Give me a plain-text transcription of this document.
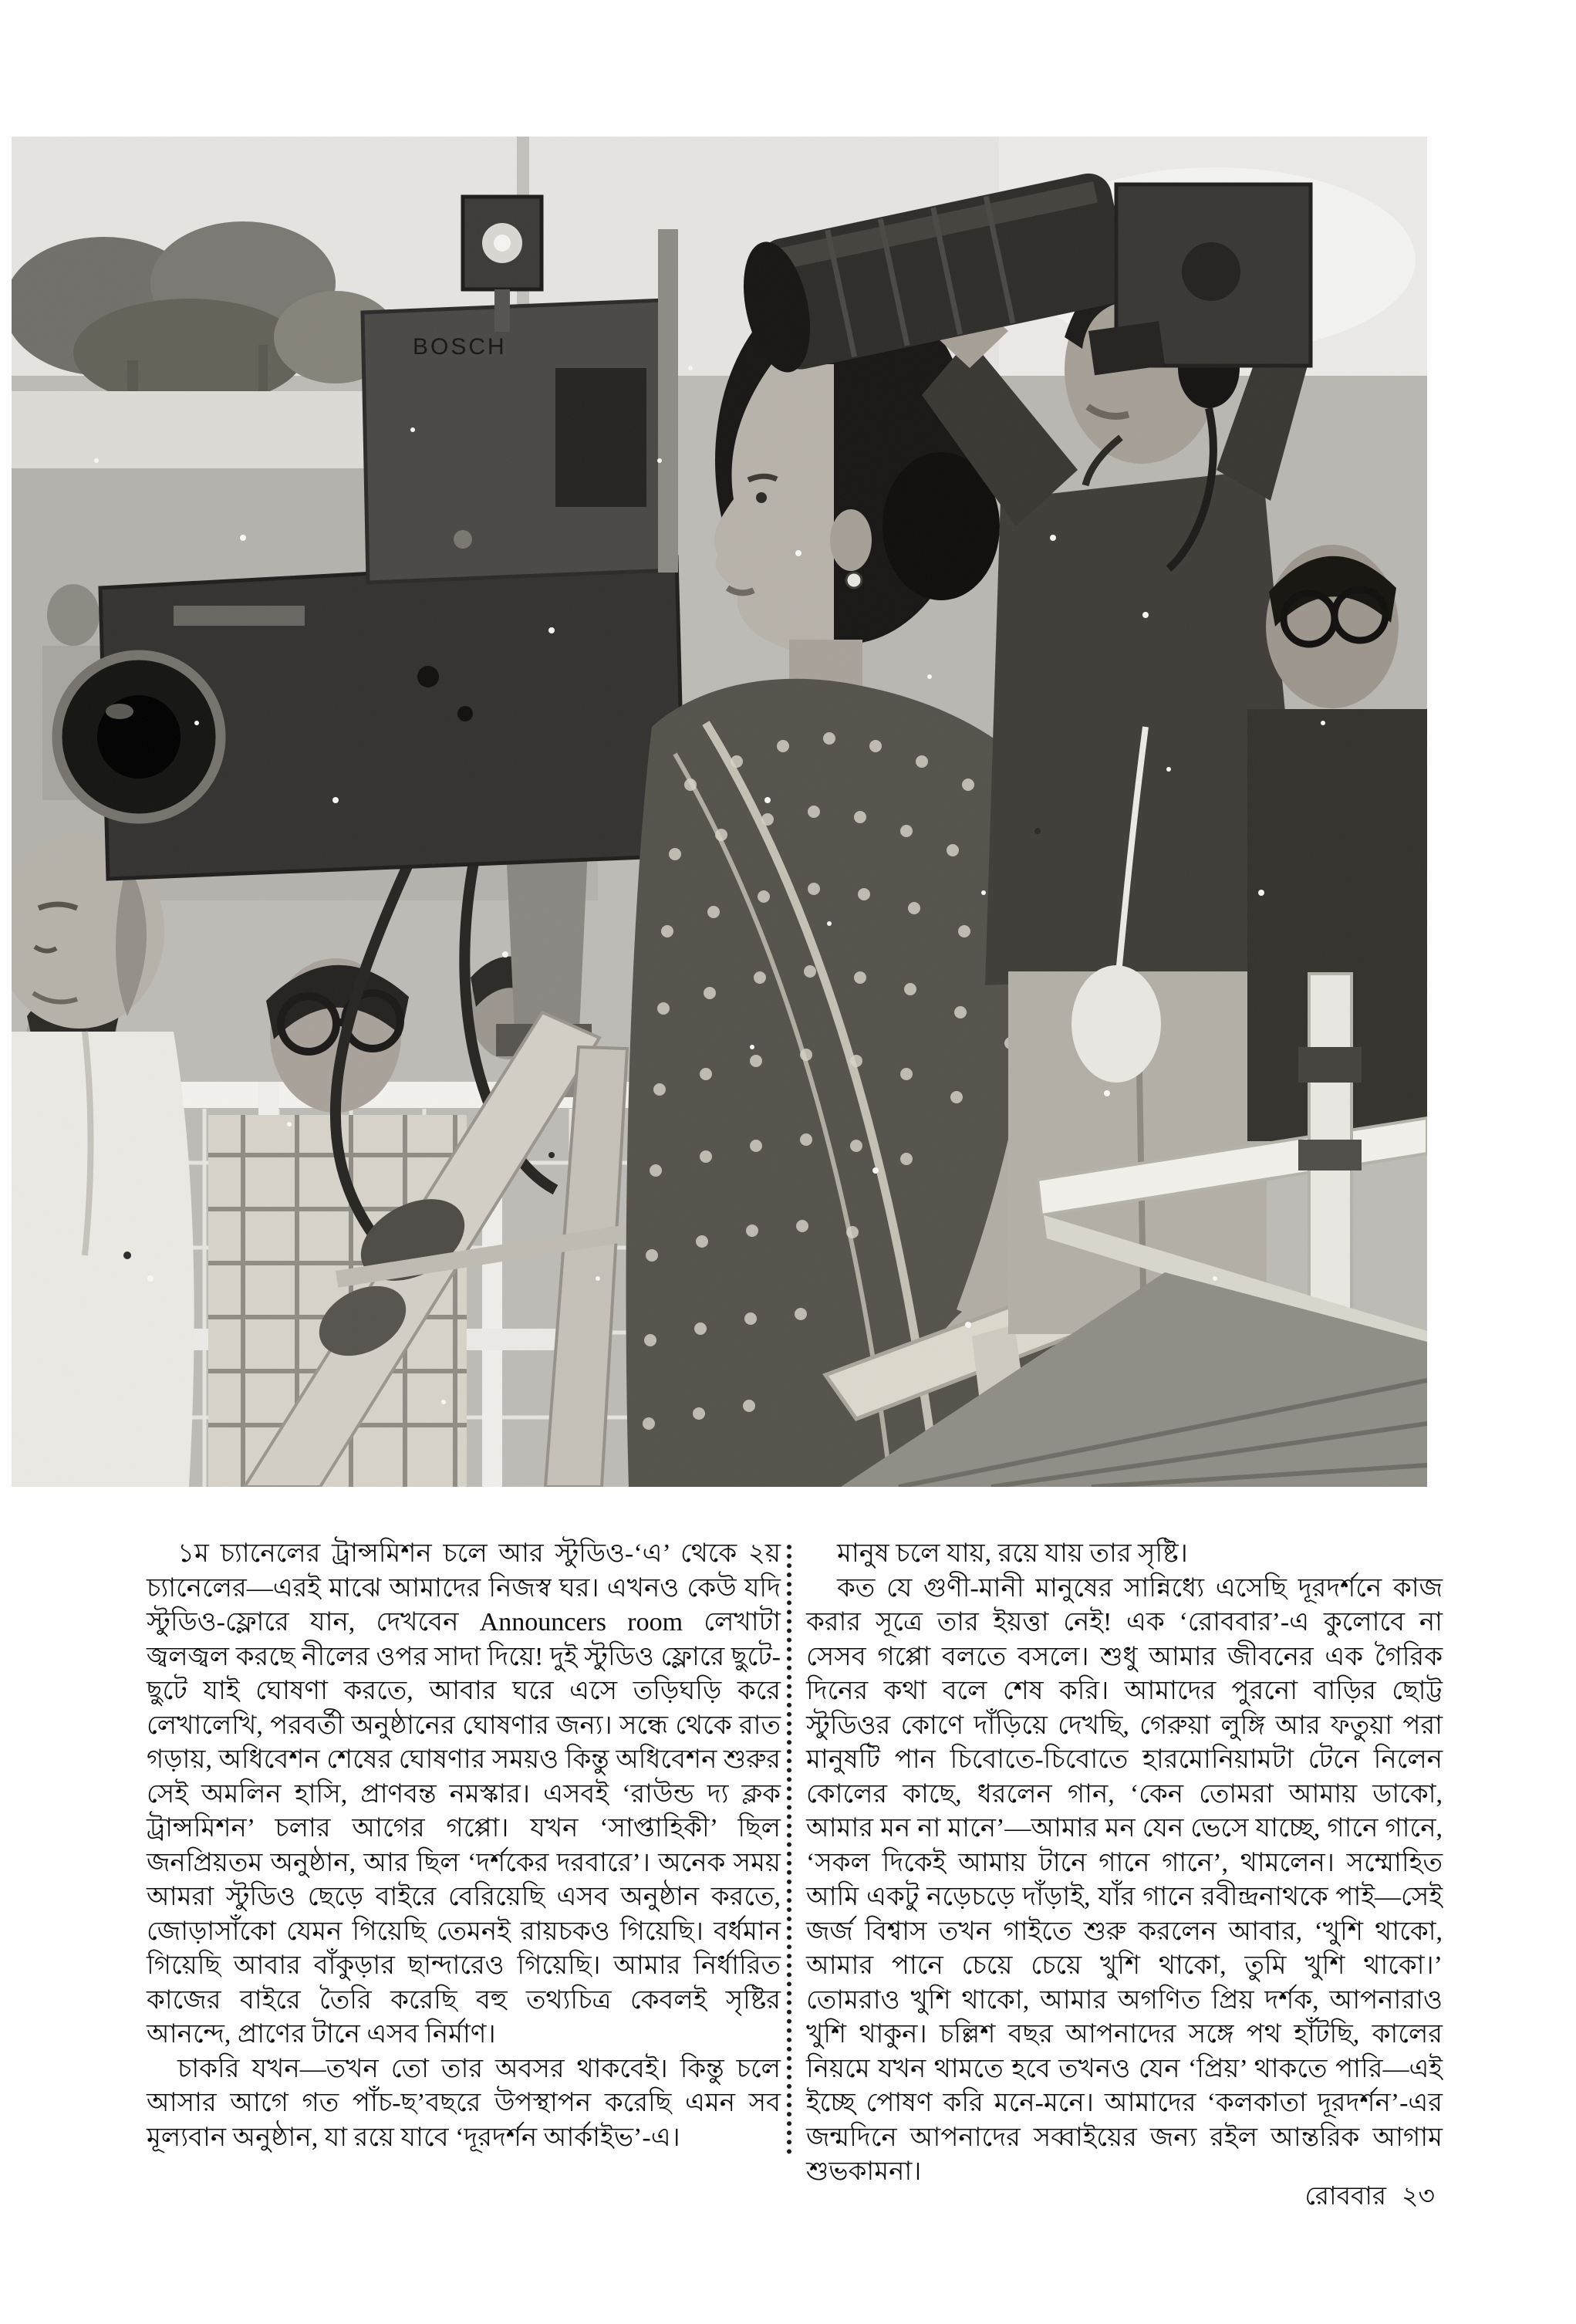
BOSCH

১ম চ্যানেলের ট্রান্সমিশন চলে আর স্টুডিও-‘এ’ থেকে ২য় চ্যানেলের—এরই মাঝে আমাদের নিজস্ব ঘর। এখনও কেউ যদি স্টুডিও-ফ্লোরে যান, দেখবেন Announcers room লেখাটা জ্বলজ্বল করছে নীলের ওপর সাদা দিয়ে! দুই স্টুডিও ফ্লোরে ছুটে-ছুটে যাই ঘোষণা করতে, আবার ঘরে এসে তড়িঘড়ি করে লেখালেখি, পরবর্তী অনুষ্ঠানের ঘোষণার জন্য। সন্ধে থেকে রাত গড়ায়, অধিবেশন শেষের ঘোষণার সময়ও কিন্তু অধিবেশন শুরুর সেই অমলিন হাসি, প্রাণবন্ত নমস্কার। এসবই ‘রাউন্ড দ্য ক্লক ট্রান্সমিশন’ চলার আগের গপ্পো। যখন ‘সাপ্তাহিকী’ ছিল জনপ্রিয়তম অনুষ্ঠান, আর ছিল ‘দর্শকের দরবারে’। অনেক সময় আমরা স্টুডিও ছেড়ে বাইরে বেরিয়েছি এসব অনুষ্ঠান করতে, জোড়াসাঁকো যেমন গিয়েছি তেমনই রায়চকও গিয়েছি। বর্ধমান গিয়েছি আবার বাঁকুড়ার ছান্দারেও গিয়েছি। আমার নির্ধারিত কাজের বাইরে তৈরি করেছি বহু তথ্যচিত্র কেবলই সৃষ্টির আনন্দে, প্রাণের টানে এসব নির্মাণ।

চাকরি যখন—তখন তো তার অবসর থাকবেই। কিন্তু চলে আসার আগে গত পাঁচ-ছ’বছরে উপস্থাপন করেছি এমন সব মূল্যবান অনুষ্ঠান, যা রয়ে যাবে ‘দূরদর্শন আর্কাইভ’-এ।

মানুষ চলে যায়, রয়ে যায় তার সৃষ্টি।

কত যে গুণী-মানী মানুষের সান্নিধ্যে এসেছি দূরদর্শনে কাজ করার সূত্রে তার ইয়ত্তা নেই! এক ‘রোববার’-এ কুলোবে না সেসব গপ্পো বলতে বসলে। শুধু আমার জীবনের এক গৈরিক দিনের কথা বলে শেষ করি। আমাদের পুরনো বাড়ির ছোট্ট স্টুডিওর কোণে দাঁড়িয়ে দেখছি, গেরুয়া লুঙ্গি আর ফতুয়া পরা মানুষটি পান চিবোতে-চিবোতে হারমোনিয়ামটা টেনে নিলেন কোলের কাছে, ধরলেন গান, ‘কেন তোমরা আমায় ডাকো, আমার মন না মানে’—আমার মন যেন ভেসে যাচ্ছে, গানে গানে, ‘সকল দিকেই আমায় টানে গানে গানে’, থামলেন। সম্মোহিত আমি একটু নড়েচড়ে দাঁড়াই, যাঁর গানে রবীন্দ্রনাথকে পাই—সেই জর্জ বিশ্বাস তখন গাইতে শুরু করলেন আবার, ‘খুশি থাকো, আমার পানে চেয়ে চেয়ে খুশি থাকো, তুমি খুশি থাকো।’ তোমরাও খুশি থাকো, আমার অগণিত প্রিয় দর্শক, আপনারাও খুশি থাকুন। চল্লিশ বছর আপনাদের সঙ্গে পথ হাঁটছি, কালের নিয়মে যখন থামতে হবে তখনও যেন ‘প্রিয়’ থাকতে পারি—এই ইচ্ছে পোষণ করি মনে-মনে। আমাদের ‘কলকাতা দূরদর্শন’-এর জন্মদিনে আপনাদের সব্বাইয়ের জন্য রইল আন্তরিক আগাম শুভকামনা।

রোববার ২৩
